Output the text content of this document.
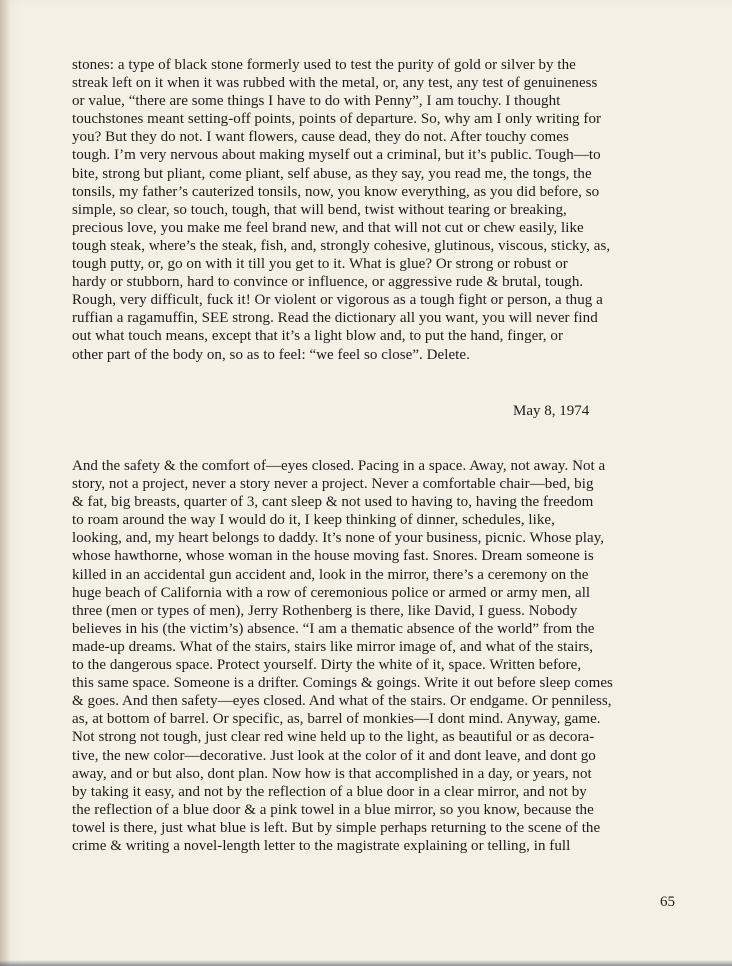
stones: a type of black stone formerly used to test the purity of gold or silver by the
streak left on it when it was rubbed with the metal, or, any test, any test of genuineness
or value, “there are some things I have to do with Penny”, I am touchy. I thought
touchstones meant setting-off points, points of departure. So, why am I only writing for
you? But they do not. I want flowers, cause dead, they do not. After touchy comes
tough. I’m very nervous about making myself out a criminal, but it’s public. Tough—to
bite, strong but pliant, come pliant, self abuse, as they say, you read me, the tongs, the
tonsils, my father’s cauterized tonsils, now, you know everything, as you did before, so
simple, so clear, so touch, tough, that will bend, twist without tearing or breaking,
precious love, you make me feel brand new, and that will not cut or chew easily, like
tough steak, where’s the steak, fish, and, strongly cohesive, glutinous, viscous, sticky, as,
tough putty, or, go on with it till you get to it. What is glue? Or strong or robust or
hardy or stubborn, hard to convince or influence, or aggressive rude & brutal, tough.
Rough, very difficult, fuck it! Or violent or vigorous as a tough fight or person, a thug a
ruffian a ragamuffin, SEE strong. Read the dictionary all you want, you will never find
out what touch means, except that it’s a light blow and, to put the hand, finger, or
other part of the body on, so as to feel: “we feel so close”. Delete.

May 8, 1974

And the safety & the comfort of—eyes closed. Pacing in a space. Away, not away. Not a
story, not a project, never a story never a project. Never a comfortable chair—bed, big
& fat, big breasts, quarter of 3, cant sleep & not used to having to, having the freedom
to roam around the way I would do it, I keep thinking of dinner, schedules, like,
looking, and, my heart belongs to daddy. It’s none of your business, picnic. Whose play,
whose hawthorne, whose woman in the house moving fast. Snores. Dream someone is
killed in an accidental gun accident and, look in the mirror, there’s a ceremony on the
huge beach of California with a row of ceremonious police or armed or army men, all
three (men or types of men), Jerry Rothenberg is there, like David, I guess. Nobody
believes in his (the victim’s) absence. “I am a thematic absence of the world” from the
made-up dreams. What of the stairs, stairs like mirror image of, and what of the stairs,
to the dangerous space. Protect yourself. Dirty the white of it, space. Written before,
this same space. Someone is a drifter. Comings & goings. Write it out before sleep comes
& goes. And then safety—eyes closed. And what of the stairs. Or endgame. Or penniless,
as, at bottom of barrel. Or specific, as, barrel of monkies—I dont mind. Anyway, game.
Not strong not tough, just clear red wine held up to the light, as beautiful or as decora-
tive, the new color—decorative. Just look at the color of it and dont leave, and dont go
away, and or but also, dont plan. Now how is that accomplished in a day, or years, not
by taking it easy, and not by the reflection of a blue door in a clear mirror, and not by
the reflection of a blue door & a pink towel in a blue mirror, so you know, because the
towel is there, just what blue is left. But by simple perhaps returning to the scene of the
crime & writing a novel-length letter to the magistrate explaining or telling, in full

65
